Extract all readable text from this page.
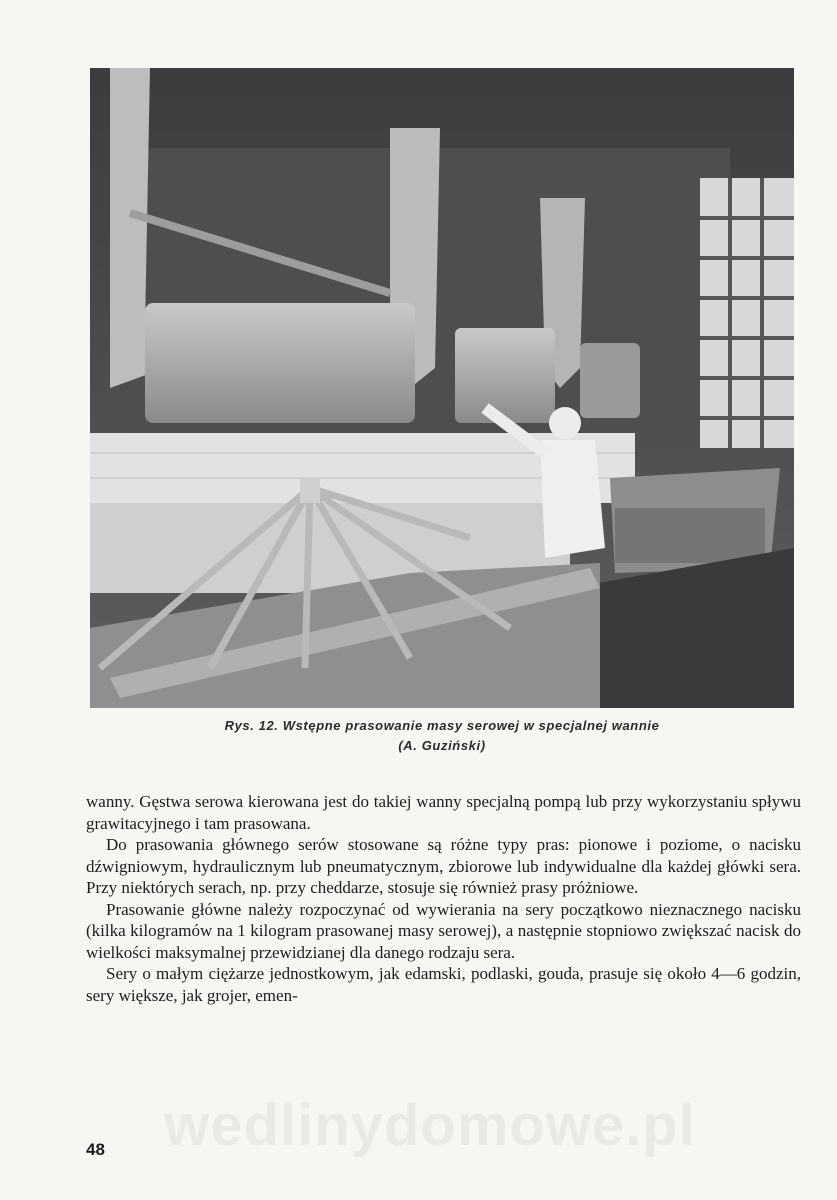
Rys. 12. Wstępne prasowanie masy serowej w specjalnej wannie
(A. Guziński)

wanny. Gęstwa serowa kierowana jest do takiej wanny specjalną pompą lub przy wykorzystaniu spływu grawitacyjnego i tam prasowana.

Do prasowania głównego serów stosowane są różne typy pras: pionowe i poziome, o nacisku dźwigniowym, hydraulicznym lub pneumatycznym, zbiorowe lub indywidualne dla każdej główki sera. Przy niektórych serach, np. przy cheddarze, stosuje się również prasy próżniowe.

Prasowanie główne należy rozpoczynać od wywierania na sery początkowo nieznacznego nacisku (kilka kilogramów na 1 kilogram prasowanej masy serowej), a następnie stopniowo zwiększać nacisk do wielkości maksymalnej przewidzianej dla danego rodzaju sera.

Sery o małym ciężarze jednostkowym, jak edamski, podlaski, gouda, prasuje się około 4—6 godzin, sery większe, jak grojer, emen-

wedlinydomowe.pl
48
